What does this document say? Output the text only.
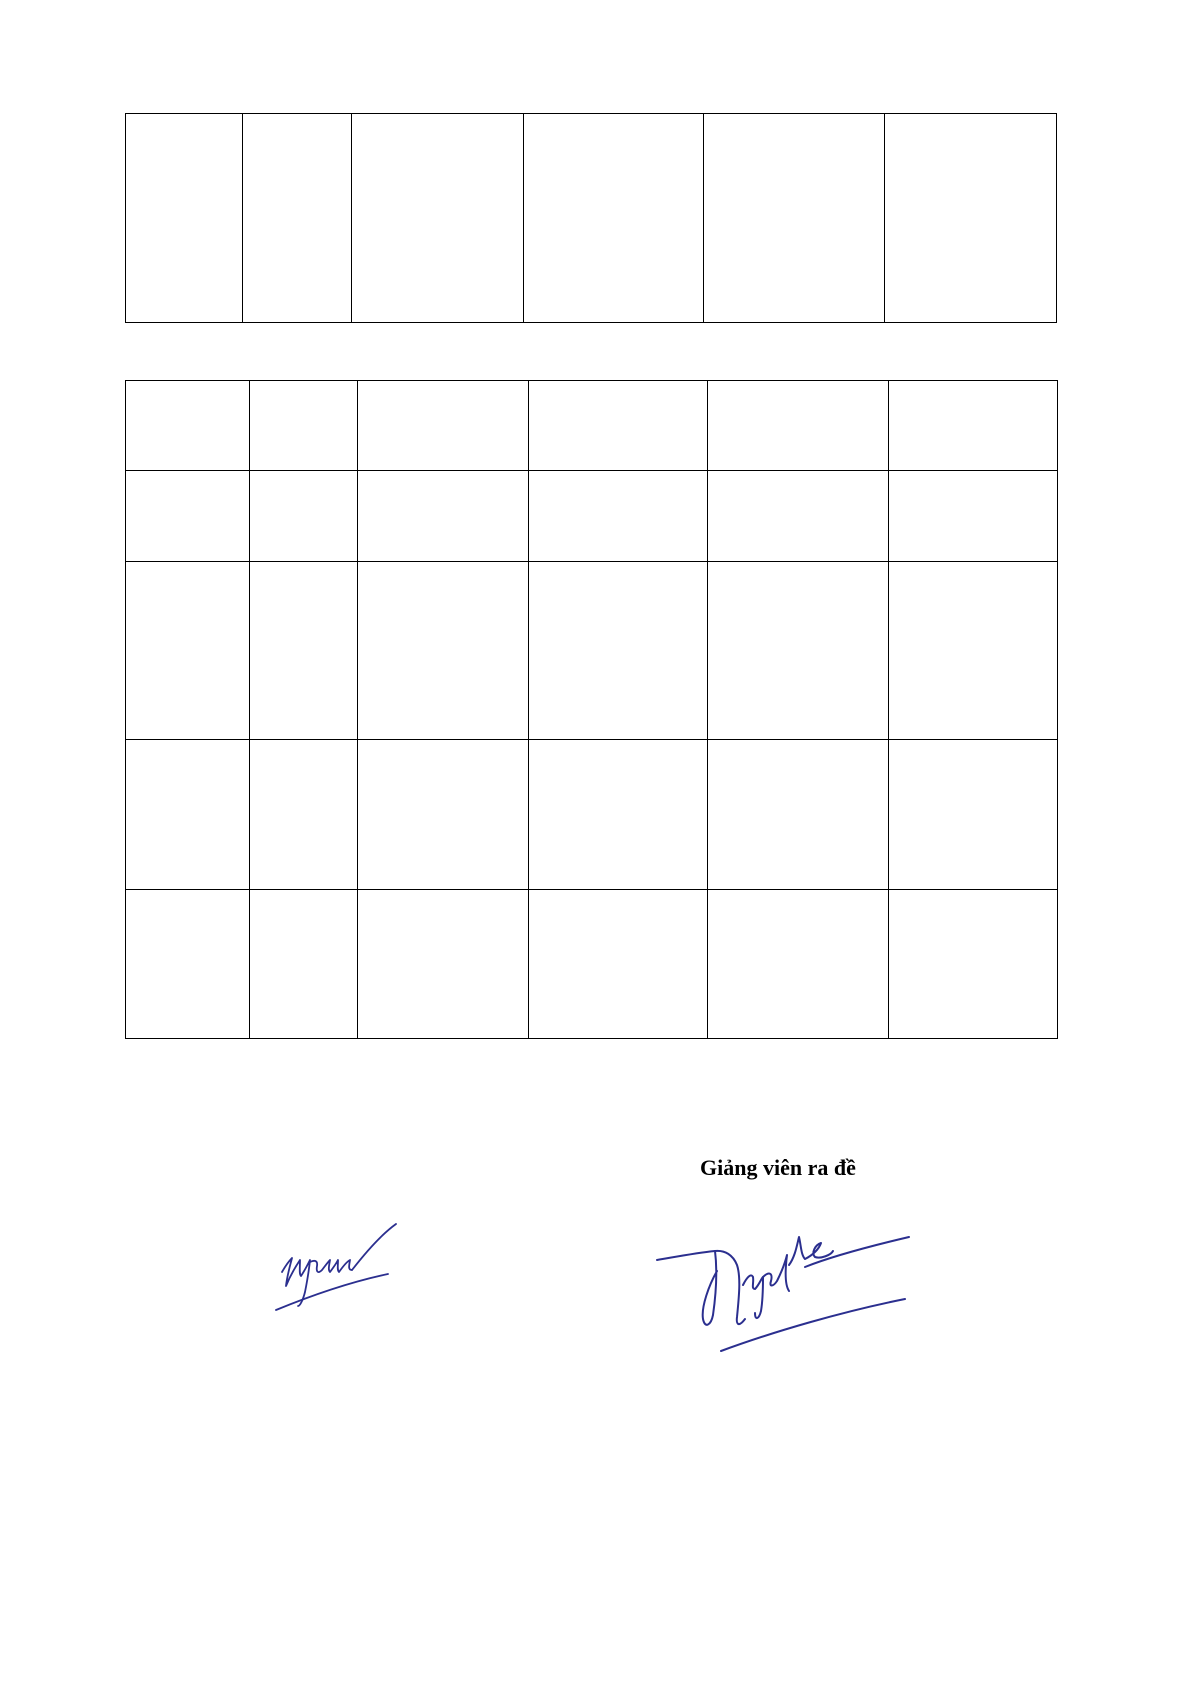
Giảng viên ra đề
